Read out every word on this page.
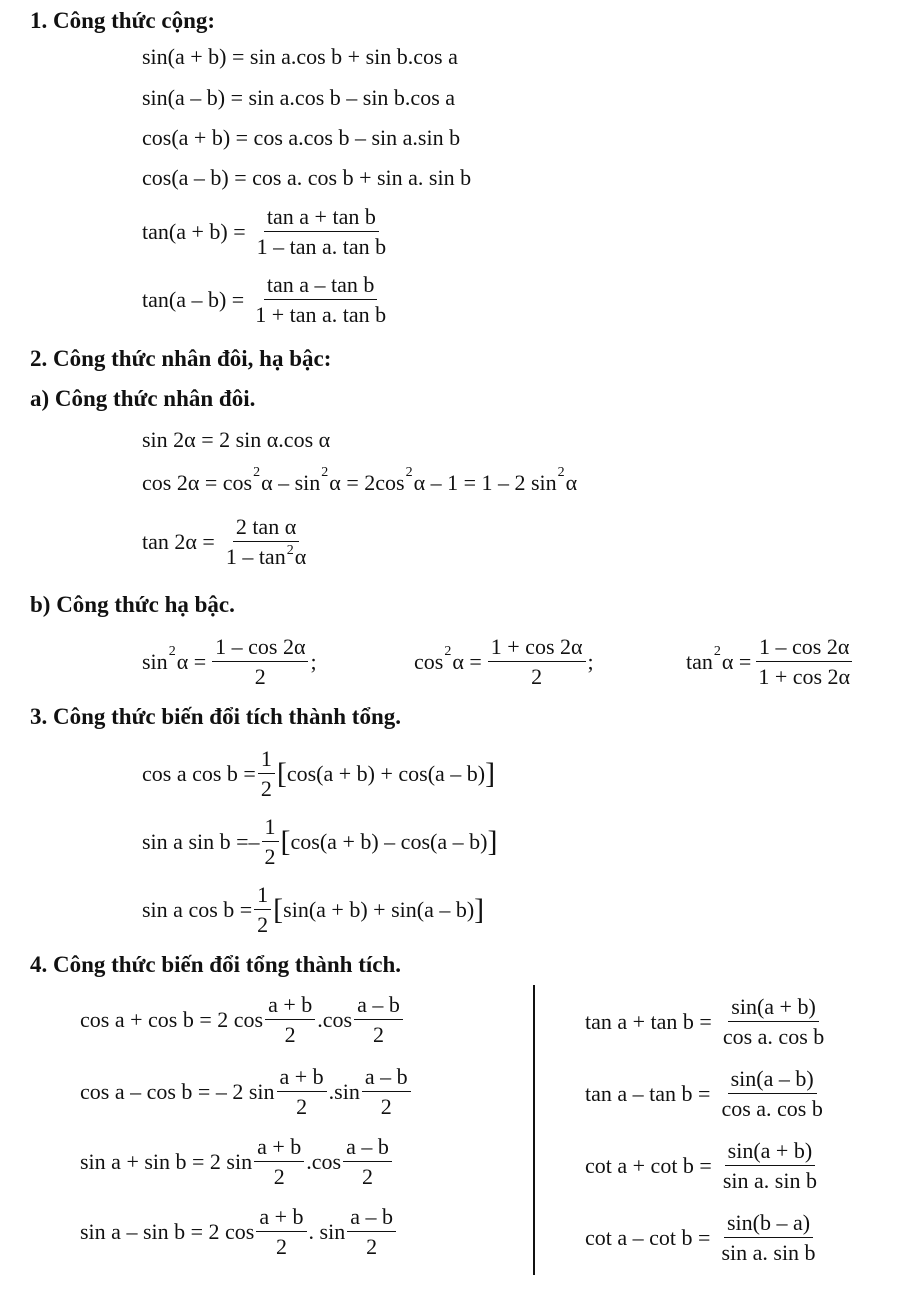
1. Công thức cộng:
sin(a + b) = sin a.cos b + sin b.cos a
sin(a – b) = sin a.cos b – sin b.cos a
cos(a + b) = cos a.cos b – sin a.sin b
cos(a – b) = cos a. cos b + sin a. sin b
$\tan(a + b) = \frac{\text{tan a + tan b}}{\text{1 – tan a. tan b}}$
$\tan(a - b) = \frac{\text{tan a – tan b}}{\text{1 + tan a. tan b}}$
2. Công thức nhân đôi, hạ bậc:
a) Công thức nhân đôi.
sin 2α = 2 sin α.cos α
cos 2α = cos 2 α – sin 2 α = 2cos 2 α – 1 = 1 – 2 sin 2 α
$\tan 2\alpha = \frac{\text{2 tan α}}{1 - \tan 2\alpha}$
b) Công thức hạ bậc.
sin 2 $\alpha = \frac{1 - \cos 2\alpha}{2}$ ;	cos 2 $\alpha = \frac{1 + \cos 2\alpha}{2}$ ;	tan 2 $\alpha = \frac{1 - \cos 2\alpha}{1 + \cos 2\alpha}$
3. Công thức biến đổi tích thành tổng.
cos a $\cos b = \frac{1}{2}$ [ cos(a + b) + cos(a – b) ]
sin a sin b = – $\frac{1}{2}$ [ cos(a + b) – cos(a – b) ]
sin a $\cos b = \frac{1}{2}$ [ sin(a + b) + sin(a – b) ]
4. Công thức biến đổi tổng thành tích.
cos a + cos b = 2 $\cos \frac{a + b}{2} .\cos \frac{a - b}{2}$
cos a – cos b = – 2 $\sin \frac{a + b}{2} .\sin \frac{a - b}{2}$
sin a + sin b = 2 $\sin \frac{a + b}{2} .\cos \frac{a - b}{2}$
sin a – sin b = 2 $\cos \frac{a + b}{2}$ . $\sin \frac{a - b}{2}$
$\tan a + \tan b = \frac{\sin(a + b)}{\text{cos a. cos b}}$
$\tan a - \tan b = \frac{\sin(a - b)}{\text{cos a. cos b}}$
$\cot a + \cot b = \frac{\sin(a + b)}{\text{sin a. sin b}}$
$\cot a - \cot b = \frac{\sin(b - a)}{\text{sin a. sin b}}$
